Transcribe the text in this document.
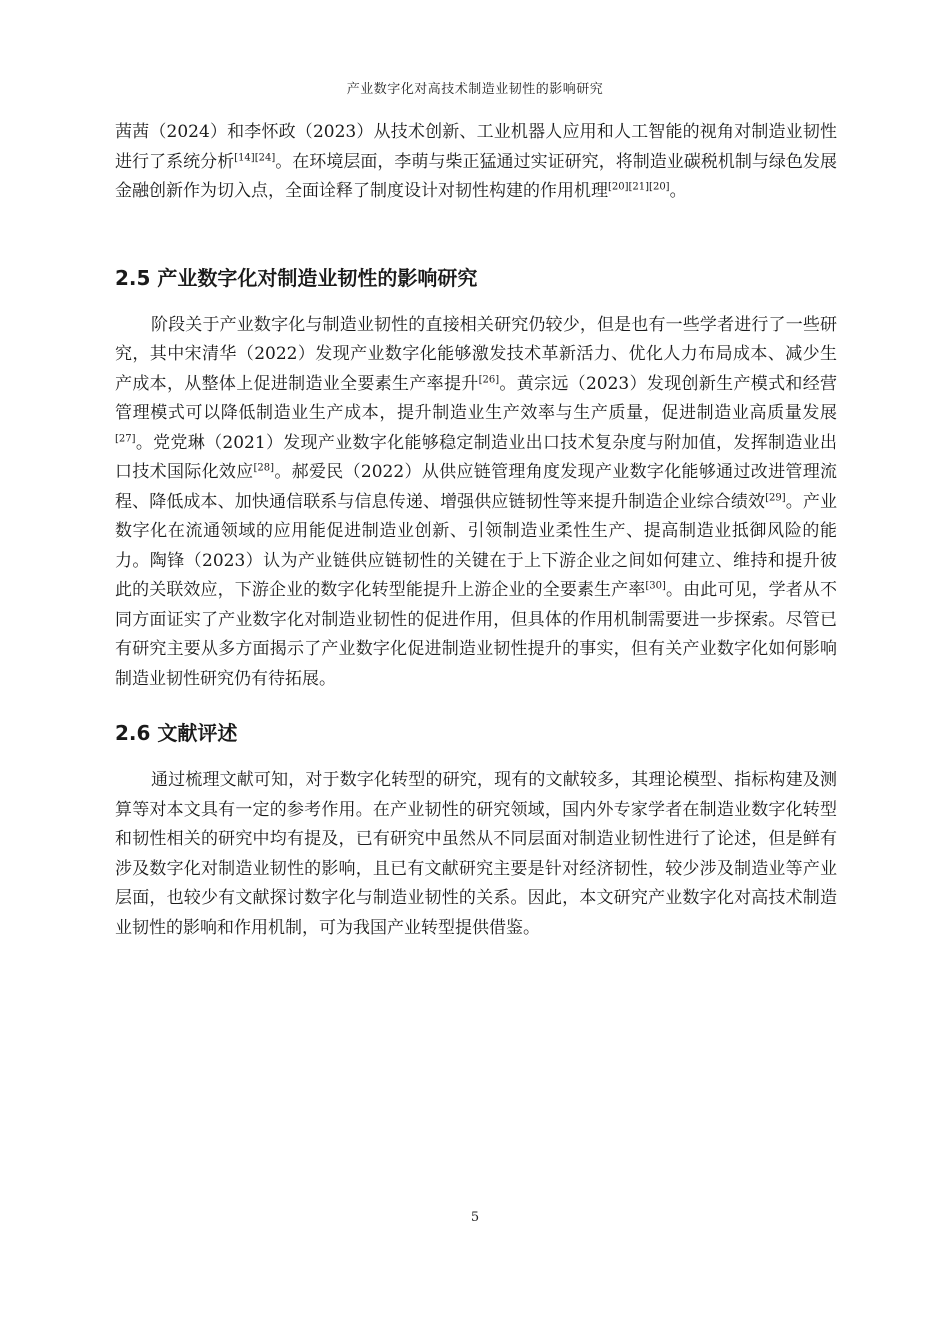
产业数字化对高技术制造业韧性的影响研究

茜茜（2024）和李怀政（2023）从技术创新、工业机器人应用和人工智能的视角对制造业韧性进行了系统分析[14][24]。在环境层面，李萌与柴正猛通过实证研究，将制造业碳税机制与绿色发展金融创新作为切入点，全面诠释了制度设计对韧性构建的作用机理[20][21][20]。

2.5 产业数字化对制造业韧性的影响研究

阶段关于产业数字化与制造业韧性的直接相关研究仍较少，但是也有一些学者进行了一些研究，其中宋清华（2022）发现产业数字化能够激发技术革新活力、优化人力布局成本、减少生产成本，从整体上促进制造业全要素生产率提升[26]。黄宗远（2023）发现创新生产模式和经营管理模式可以降低制造业生产成本，提升制造业生产效率与生产质量，促进制造业高质量发展[27]。党党琳（2021）发现产业数字化能够稳定制造业出口技术复杂度与附加值，发挥制造业出口技术国际化效应[28]。郝爱民（2022）从供应链管理角度发现产业数字化能够通过改进管理流程、降低成本、加快通信联系与信息传递、增强供应链韧性等来提升制造企业综合绩效[29]。产业数字化在流通领域的应用能促进制造业创新、引领制造业柔性生产、提高制造业抵御风险的能力。陶锋（2023）认为产业链供应链韧性的关键在于上下游企业之间如何建立、维持和提升彼此的关联效应，下游企业的数字化转型能提升上游企业的全要素生产率[30]。由此可见，学者从不同方面证实了产业数字化对制造业韧性的促进作用，但具体的作用机制需要进一步探索。尽管已有研究主要从多方面揭示了产业数字化促进制造业韧性提升的事实，但有关产业数字化如何影响制造业韧性研究仍有待拓展。

2.6 文献评述

通过梳理文献可知，对于数字化转型的研究，现有的文献较多，其理论模型、指标构建及测算等对本文具有一定的参考作用。在产业韧性的研究领域，国内外专家学者在制造业数字化转型和韧性相关的研究中均有提及，已有研究中虽然从不同层面对制造业韧性进行了论述，但是鲜有涉及数字化对制造业韧性的影响，且已有文献研究主要是针对经济韧性，较少涉及制造业等产业层面，也较少有文献探讨数字化与制造业韧性的关系。因此，本文研究产业数字化对高技术制造业韧性的影响和作用机制，可为我国产业转型提供借鉴。

5
